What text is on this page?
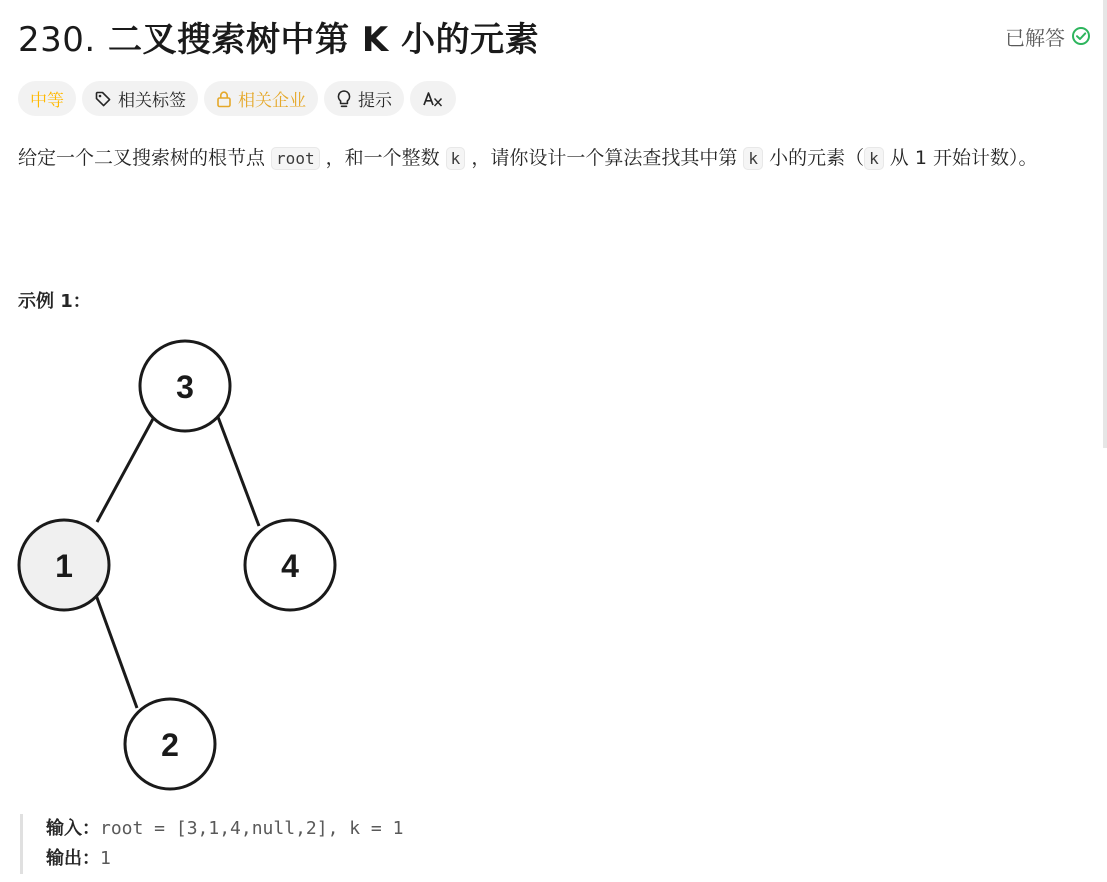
230. 二叉搜索树中第 K 小的元素	已解答
中等	相关标签	相关企业	提示
给定一个二叉搜索树的根节点 root ，和一个整数 k ，请你设计一个算法查找其中第 k 小的元素（ k 从 1 开始计数）。
示例 1：
3
1	4
2
输入：root = [3,1,4,null,2], k = 1
输出：1
